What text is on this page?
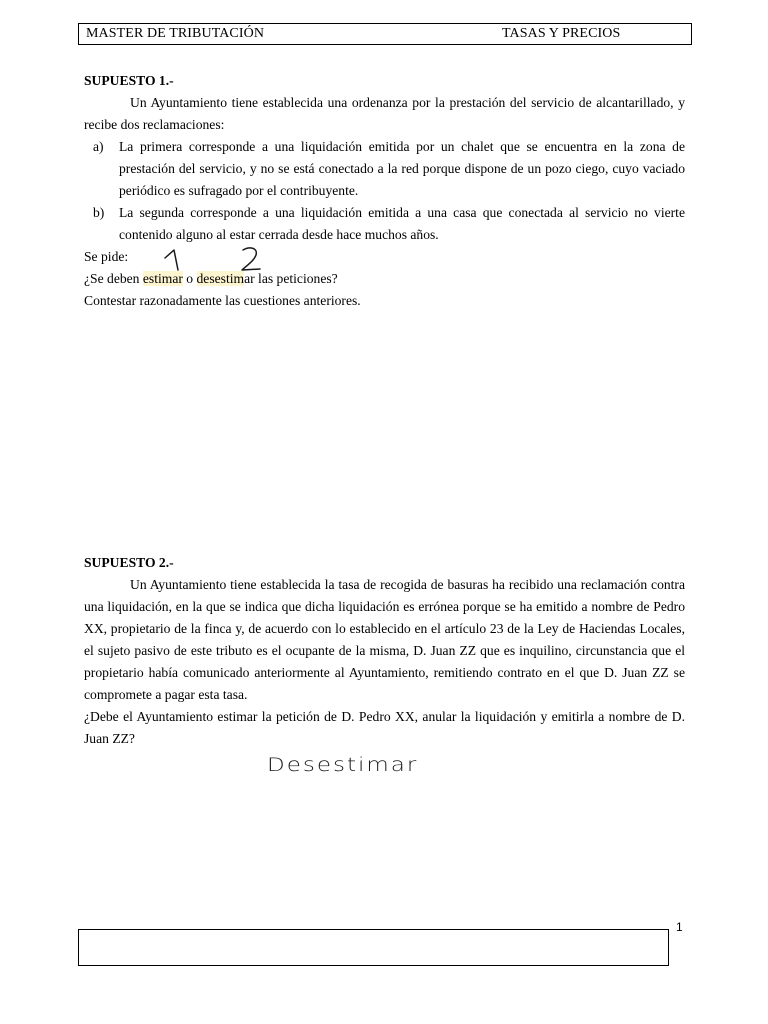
MASTER DE TRIBUTACIÓN	TASAS Y PRECIOS
SUPUESTO 1.-

Un Ayuntamiento tiene establecida una ordenanza por la prestación del servicio de alcantarillado, y recibe dos reclamaciones:

a) La primera corresponde a una liquidación emitida por un chalet que se encuentra en la zona de prestación del servicio, y no se está conectado a la red porque dispone de un pozo ciego, cuyo vaciado periódico es sufragado por el contribuyente.
b) La segunda corresponde a una liquidación emitida a una casa que conectada al servicio no vierte contenido alguno al estar cerrada desde hace muchos años.

Se pide:

¿Se deben estimar o desestimar las peticiones?

Contestar razonadamente las cuestiones anteriores.

SUPUESTO 2.-

Un Ayuntamiento tiene establecida la tasa de recogida de basuras ha recibido una reclamación contra una liquidación, en la que se indica que dicha liquidación es errónea porque se ha emitido a nombre de Pedro XX, propietario de la finca y, de acuerdo con lo establecido en el artículo 23 de la Ley de Haciendas Locales, el sujeto pasivo de este tributo es el ocupante de la misma, D. Juan ZZ que es inquilino, circunstancia que el propietario había comunicado anteriormente al Ayuntamiento, remitiendo contrato en el que D. Juan ZZ se compromete a pagar esta tasa.

¿Debe el Ayuntamiento estimar la petición de D. Pedro XX, anular la liquidación y emitirla a nombre de D. Juan ZZ?

Desestimar
1
